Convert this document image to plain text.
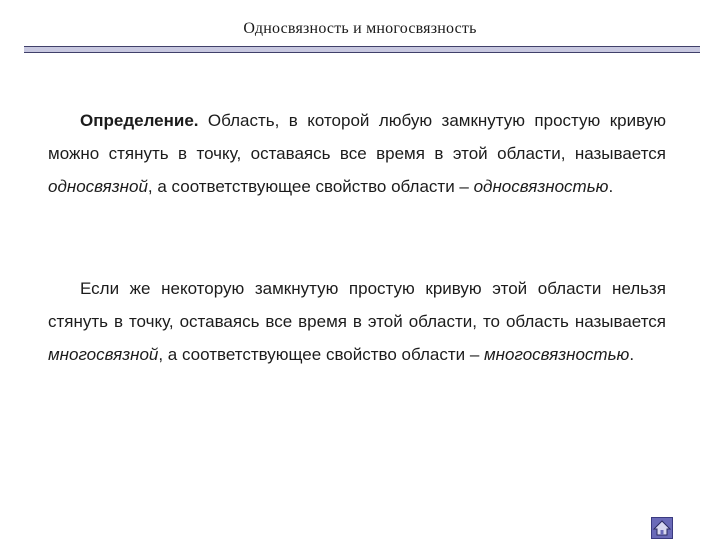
Односвязность и многосвязность
Определение. Область, в которой любую замкнутую простую кривую можно стянуть в точку, оставаясь все время в этой области, называется односвязной, а соответствующее свойство области – односвязностью.
Если же некоторую замкнутую простую кривую этой области нельзя стянуть в точку, оставаясь все время в этой области, то область называется многосвязной, а соответствующее свойство области – многосвязностью.
